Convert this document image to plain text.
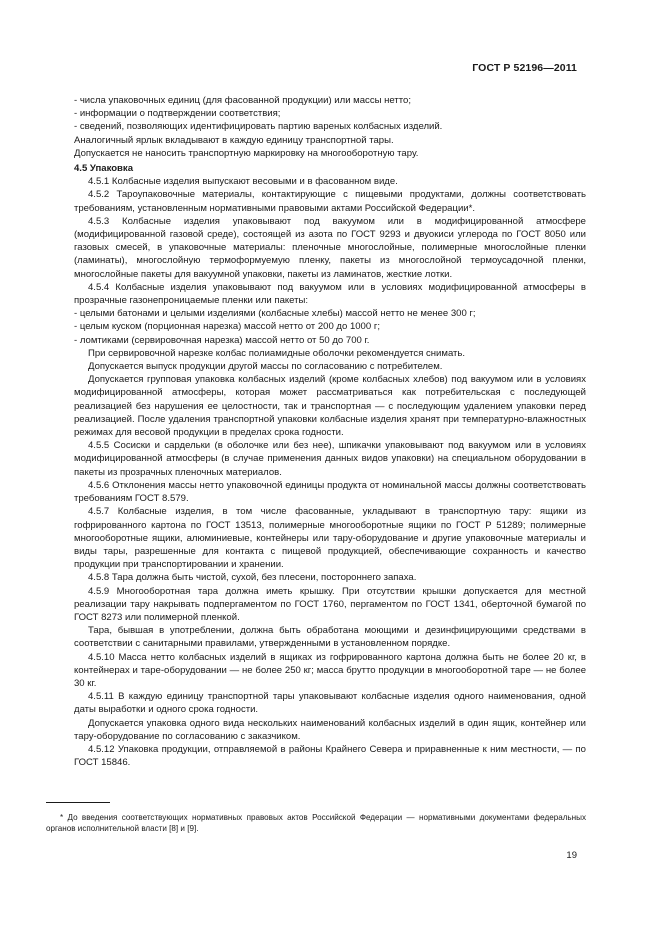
ГОСТ Р 52196—2011

- числа упаковочных единиц (для фасованной продукции) или массы нетто;

- информации о подтверждении соответствия;

- сведений, позволяющих идентифицировать партию вареных колбасных изделий.

Аналогичный ярлык вкладывают в каждую единицу транспортной тары.

Допускается не наносить транспортную маркировку на многооборотную тару.

4.5 Упаковка

4.5.1 Колбасные изделия выпускают весовыми и в фасованном виде.

4.5.2 Тароупаковочные материалы, контактирующие с пищевыми продуктами, должны соответствовать требованиям, установленным нормативными правовыми актами Российской Федерации*.

4.5.3 Колбасные изделия упаковывают под вакуумом или в модифицированной атмосфере (модифицированной газовой среде), состоящей из азота по ГОСТ 9293 и двуокиси углерода по ГОСТ 8050 или газовых смесей, в упаковочные материалы: пленочные многослойные, полимерные многослойные пленки (ламинаты), многослойную термоформуемую пленку, пакеты из многослойной термоусадочной пленки, многослойные пакеты для вакуумной упаковки, пакеты из ламинатов, жесткие лотки.

4.5.4 Колбасные изделия упаковывают под вакуумом или в условиях модифицированной атмосферы в прозрачные газонепроницаемые пленки или пакеты:

- целыми батонами и целыми изделиями (колбасные хлебы) массой нетто не менее 300 г;

- целым куском (порционная нарезка) массой нетто от 200 до 1000 г;

- ломтиками (сервировочная нарезка) массой нетто от 50 до 700 г.

При сервировочной нарезке колбас полиамидные оболочки рекомендуется снимать.

Допускается выпуск продукции другой массы по согласованию с потребителем.

Допускается групповая упаковка колбасных изделий (кроме колбасных хлебов) под вакуумом или в условиях модифицированной атмосферы, которая может рассматриваться как потребительская с последующей реализацией без нарушения ее целостности, так и транспортная — с последующим удалением упаковки перед реализацией. После удаления транспортной упаковки колбасные изделия хранят при температурно-влажностных режимах для весовой продукции в пределах срока годности.

4.5.5 Сосиски и сардельки (в оболочке или без нее), шпикачки упаковывают под вакуумом или в условиях модифицированной атмосферы (в случае применения данных видов упаковки) на специальном оборудовании в пакеты из прозрачных пленочных материалов.

4.5.6 Отклонения массы нетто упаковочной единицы продукта от номинальной массы должны соответствовать требованиям ГОСТ 8.579.

4.5.7 Колбасные изделия, в том числе фасованные, укладывают в транспортную тару: ящики из гофрированного картона по ГОСТ 13513, полимерные многооборотные ящики по ГОСТ Р 51289; полимерные многооборотные ящики, алюминиевые, контейнеры или тару-оборудование и другие упаковочные материалы и виды тары, разрешенные для контакта с пищевой продукцией, обеспечивающие сохранность и качество продукции при транспортировании и хранении.

4.5.8 Тара должна быть чистой, сухой, без плесени, постороннего запаха.

4.5.9 Многооборотная тара должна иметь крышку. При отсутствии крышки допускается для местной реализации тару накрывать подпергаментом по ГОСТ 1760, пергаментом по ГОСТ 1341, оберточной бумагой по ГОСТ 8273 или полимерной пленкой.

Тара, бывшая в употреблении, должна быть обработана моющими и дезинфицирующими средствами в соответствии с санитарными правилами, утвержденными в установленном порядке.

4.5.10 Масса нетто колбасных изделий в ящиках из гофрированного картона должна быть не более 20 кг, в контейнерах и таре-оборудовании — не более 250 кг; масса брутто продукции в многооборотной таре — не более 30 кг.

4.5.11 В каждую единицу транспортной тары упаковывают колбасные изделия одного наименования, одной даты выработки и одного срока годности.

Допускается упаковка одного вида нескольких наименований колбасных изделий в один ящик, контейнер или тару-оборудование по согласованию с заказчиком.

4.5.12 Упаковка продукции, отправляемой в районы Крайнего Севера и приравненные к ним местности, — по ГОСТ 15846.

* До введения соответствующих нормативных правовых актов Российской Федерации — нормативными документами федеральных органов исполнительной власти [8] и [9].
19
